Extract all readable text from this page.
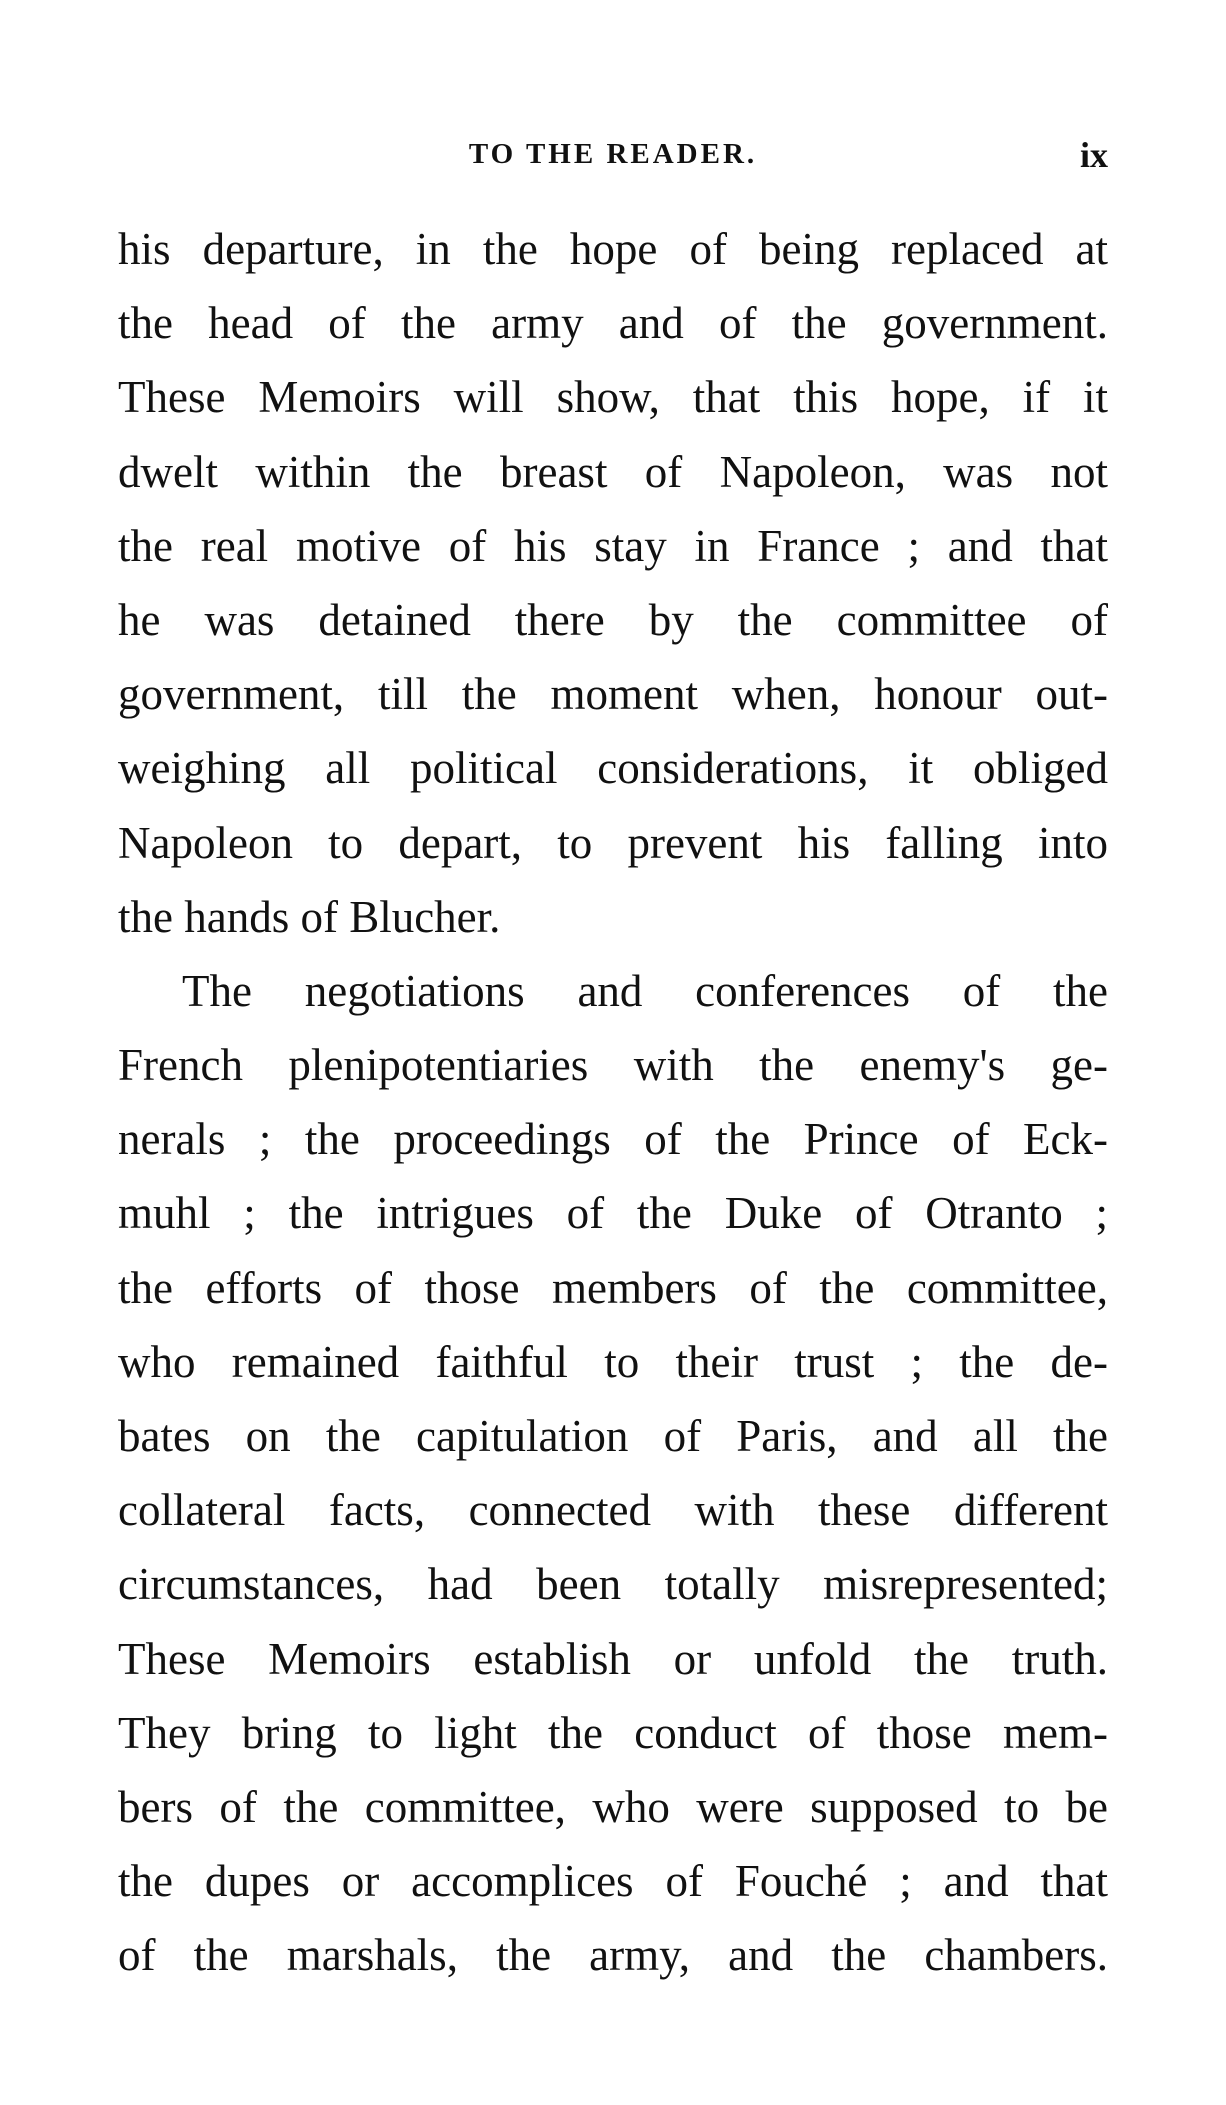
TO THE READER.	ix
his departure, in the hope of being replaced at
the head of the army and of the government.
These Memoirs will show, that this hope, if it
dwelt within the breast of Napoleon, was not
the real motive of his stay in France ; and that
he was detained there by the committee of
government, till the moment when, honour out-
weighing all political considerations, it obliged
Napoleon to depart, to prevent his falling into
the hands of Blucher.
The negotiations and conferences of the
French plenipotentiaries with the enemy's ge-
nerals ; the proceedings of the Prince of Eck-
muhl ; the intrigues of the Duke of Otranto ;
the efforts of those members of the committee,
who remained faithful to their trust ; the de-
bates on the capitulation of Paris, and all the
collateral facts, connected with these different
circumstances, had been totally misrepresented;
These Memoirs establish or unfold the truth.
They bring to light the conduct of those mem-
bers of the committee, who were supposed to be
the dupes or accomplices of Fouché ; and that
of the marshals, the army, and the chambers.
